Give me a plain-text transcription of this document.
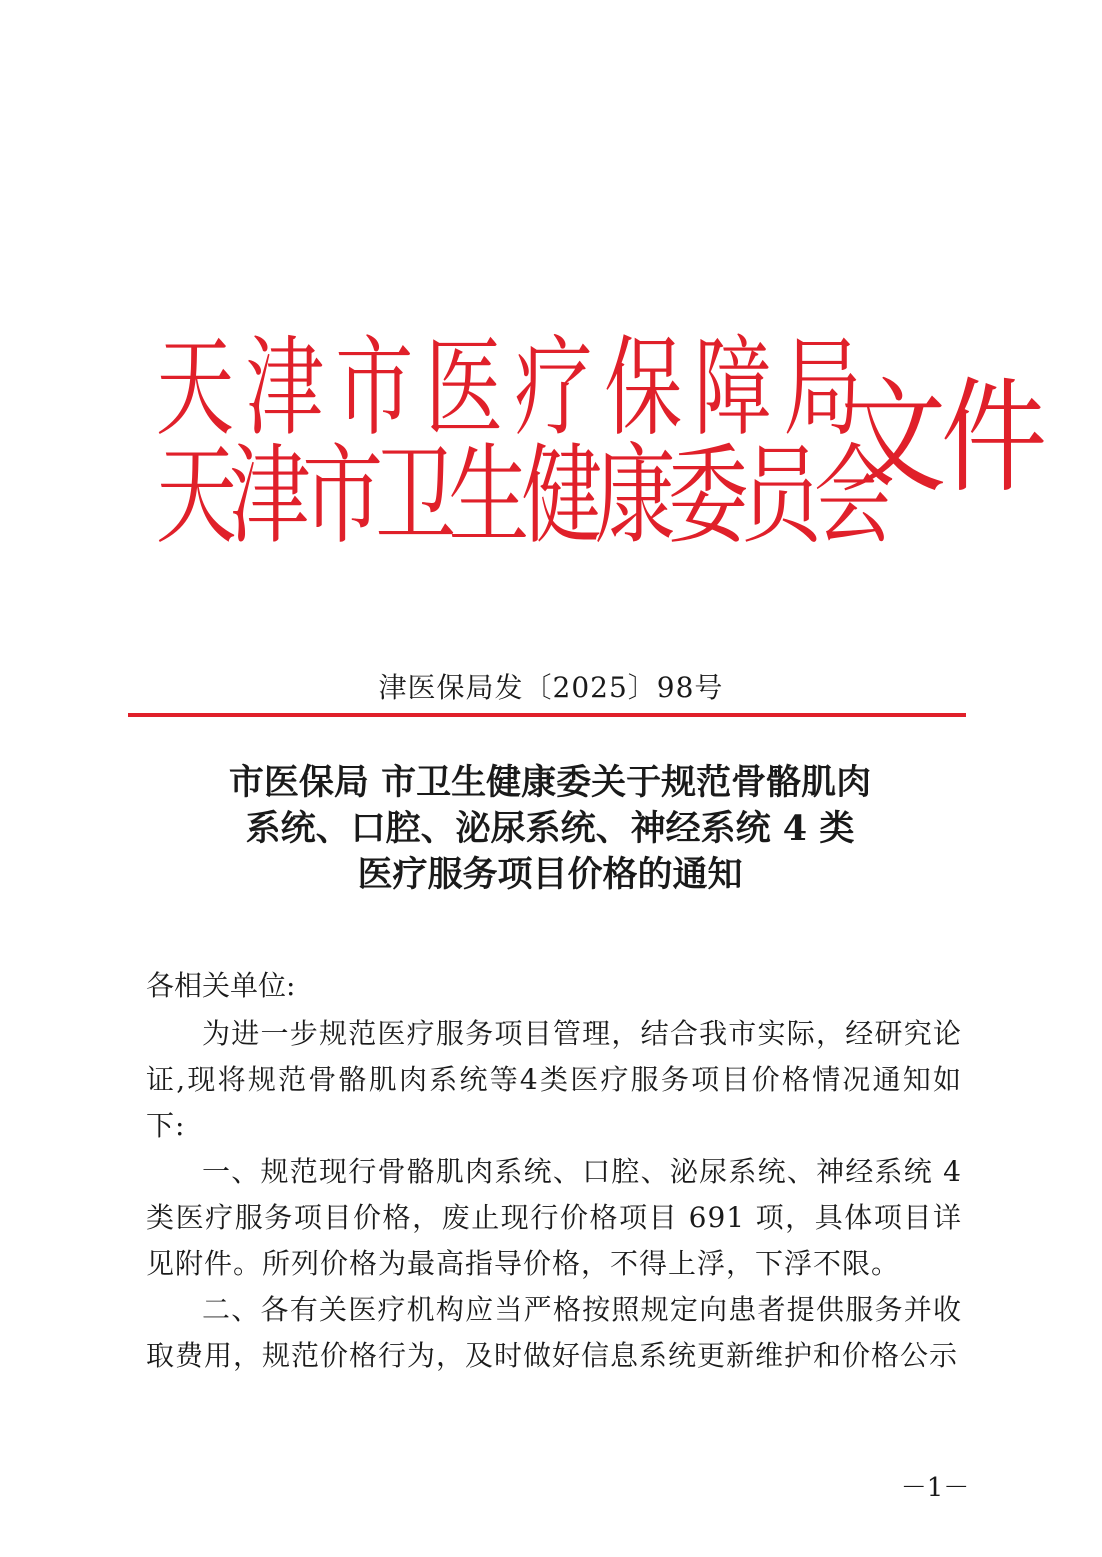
天津市医疗保障局
天津市卫生健康委员会
文件
津医保局发〔2025〕98号
市医保局 市卫生健康委关于规范骨骼肌肉
系统、口腔、泌尿系统、神经系统 4 类
医疗服务项目价格的通知
各相关单位:

为进一步规范医疗服务项目管理，结合我市实际，经研究论证,现将规范骨骼肌肉系统等4类医疗服务项目价格情况通知如下:

一、规范现行骨骼肌肉系统、口腔、泌尿系统、神经系统 4 类医疗服务项目价格，废止现行价格项目 691 项，具体项目详见附件。所列价格为最高指导价格，不得上浮，下浮不限。

二、各有关医疗机构应当严格按照规定向患者提供服务并收取费用，规范价格行为，及时做好信息系统更新维护和价格公示

－1－
